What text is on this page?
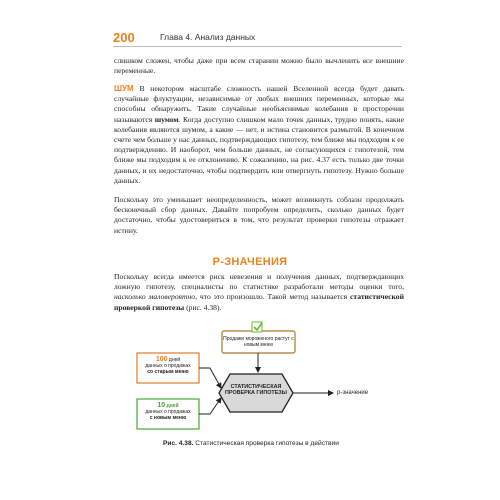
200	Глава 4. Анализ данных

слишком сложен, чтобы даже при всем старании можно было вычленить все внешние переменные.

ШУМ В некотором масштабе сложность нашей Вселенной всегда будет давать случайные флуктуации, независимые от любых внешних переменных, которые мы способны обнаружить. Такие случайные необъяснимые колебания в просторечии называются шумом. Когда доступно слишком мало точек данных, трудно понять, какие колебания являются шумом, а какие — нет, и истина становится размытой. В конечном счете чем больше у нас данных, подтверждающих гипотезу, тем ближе мы подходим к ее подтверждению. И наоборот, чем больше данных, не согласующихся с гипотезой, тем ближе мы подходим к ее отклонению. К сожалению, на рис. 4.37 есть только две точки данных, и их недостаточно, чтобы подтвердить или отвергнуть гипотезу. Нужно больше данных.

Поскольку это уменьшает неопределенность, может возникнуть соблазн продолжать бесконечный сбор данных. Давайте попробуем определить, сколько данных будет достаточно, чтобы удостовериться в том, что результат проверки гипотезы отражает истину.

Р-ЗНАЧЕНИЯ

Поскольку всегда имеется риск невезения и получения данных, подтверждающих ложную гипотезу, специалисты по статистике разработали методы оценки того, насколько маловероятно, что это произошло. Такой метод называется статистической проверкой гипотезы (рис. 4.38).

Продажи мороженого растут с новым меню
100 дней
данных о продажах
со старым меню
10 дней
данных о продажах
с новым меню
СТАТИСТИЧЕСКАЯ ПРОВЕРКА ГИПОТЕЗЫ	p-значение
Рис. 4.38. Статистическая проверка гипотезы в действии
